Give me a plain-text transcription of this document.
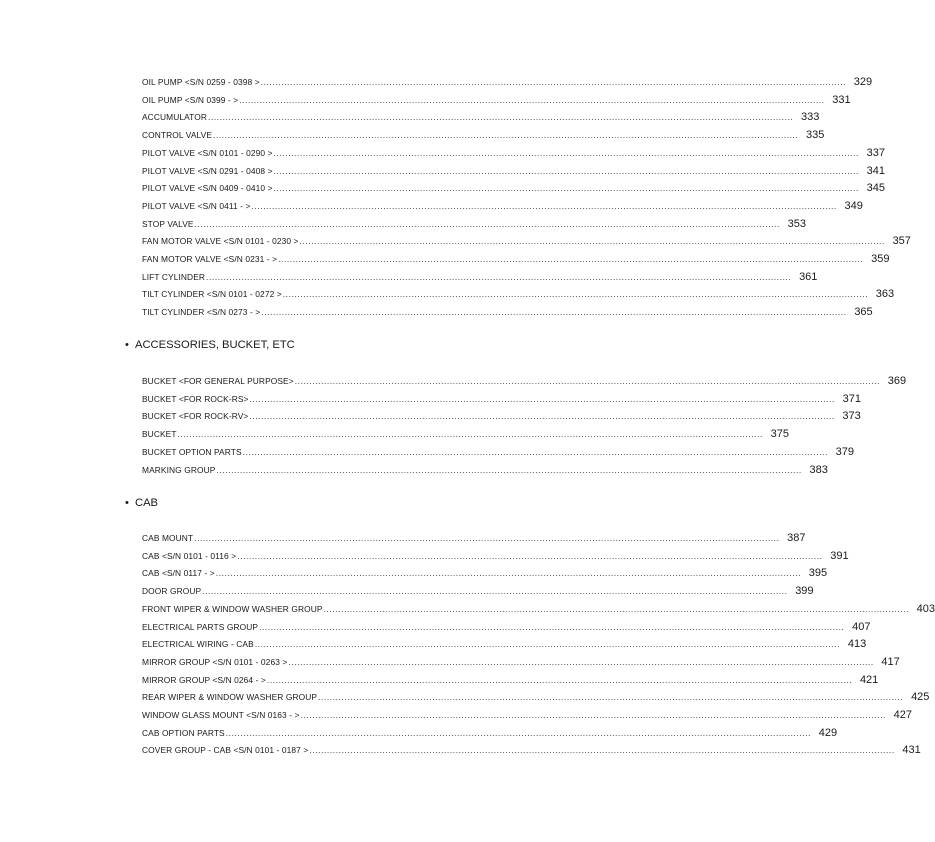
OIL PUMP <S/N 0259 - 0398 > ........................................................................................................................................................................................................ 329
OIL PUMP <S/N 0399 - > ........................................................................................................................................................................................................ 331
ACCUMULATOR ........................................................................................................................................................................................................ 333
CONTROL VALVE ........................................................................................................................................................................................................ 335
PILOT VALVE <S/N 0101 - 0290 > ........................................................................................................................................................................................................ 337
PILOT VALVE <S/N 0291 - 0408 > ........................................................................................................................................................................................................ 341
PILOT VALVE <S/N 0409 - 0410 > ........................................................................................................................................................................................................ 345
PILOT VALVE <S/N 0411 - > ........................................................................................................................................................................................................ 349
STOP VALVE ........................................................................................................................................................................................................ 353
FAN MOTOR VALVE <S/N 0101 - 0230 > ........................................................................................................................................................................................................ 357
FAN MOTOR VALVE <S/N 0231 - > ........................................................................................................................................................................................................ 359
LIFT CYLINDER ........................................................................................................................................................................................................ 361
TILT CYLINDER <S/N 0101 - 0272 > ........................................................................................................................................................................................................ 363
TILT CYLINDER <S/N 0273 - > ........................................................................................................................................................................................................ 365
• ACCESSORIES, BUCKET, ETC
BUCKET <FOR GENERAL PURPOSE> ........................................................................................................................................................................................................ 369
BUCKET <FOR ROCK-RS> ........................................................................................................................................................................................................ 371
BUCKET <FOR ROCK-RV> ........................................................................................................................................................................................................ 373
BUCKET ........................................................................................................................................................................................................ 375
BUCKET OPTION PARTS ........................................................................................................................................................................................................ 379
MARKING GROUP ........................................................................................................................................................................................................ 383
• CAB
CAB MOUNT ........................................................................................................................................................................................................ 387
CAB <S/N 0101 - 0116 > ........................................................................................................................................................................................................ 391
CAB <S/N 0117 - > ........................................................................................................................................................................................................ 395
DOOR GROUP ........................................................................................................................................................................................................ 399
FRONT WIPER & WINDOW WASHER GROUP ........................................................................................................................................................................................................ 403
ELECTRICAL PARTS GROUP ........................................................................................................................................................................................................ 407
ELECTRICAL WIRING - CAB ........................................................................................................................................................................................................ 413
MIRROR GROUP <S/N 0101 - 0263 > ........................................................................................................................................................................................................ 417
MIRROR GROUP <S/N 0264 - > ........................................................................................................................................................................................................ 421
REAR WIPER & WINDOW WASHER GROUP ........................................................................................................................................................................................................ 425
WINDOW GLASS MOUNT <S/N 0163 - > ........................................................................................................................................................................................................ 427
CAB OPTION PARTS ........................................................................................................................................................................................................ 429
COVER GROUP - CAB <S/N 0101 - 0187 > ........................................................................................................................................................................................................ 431
